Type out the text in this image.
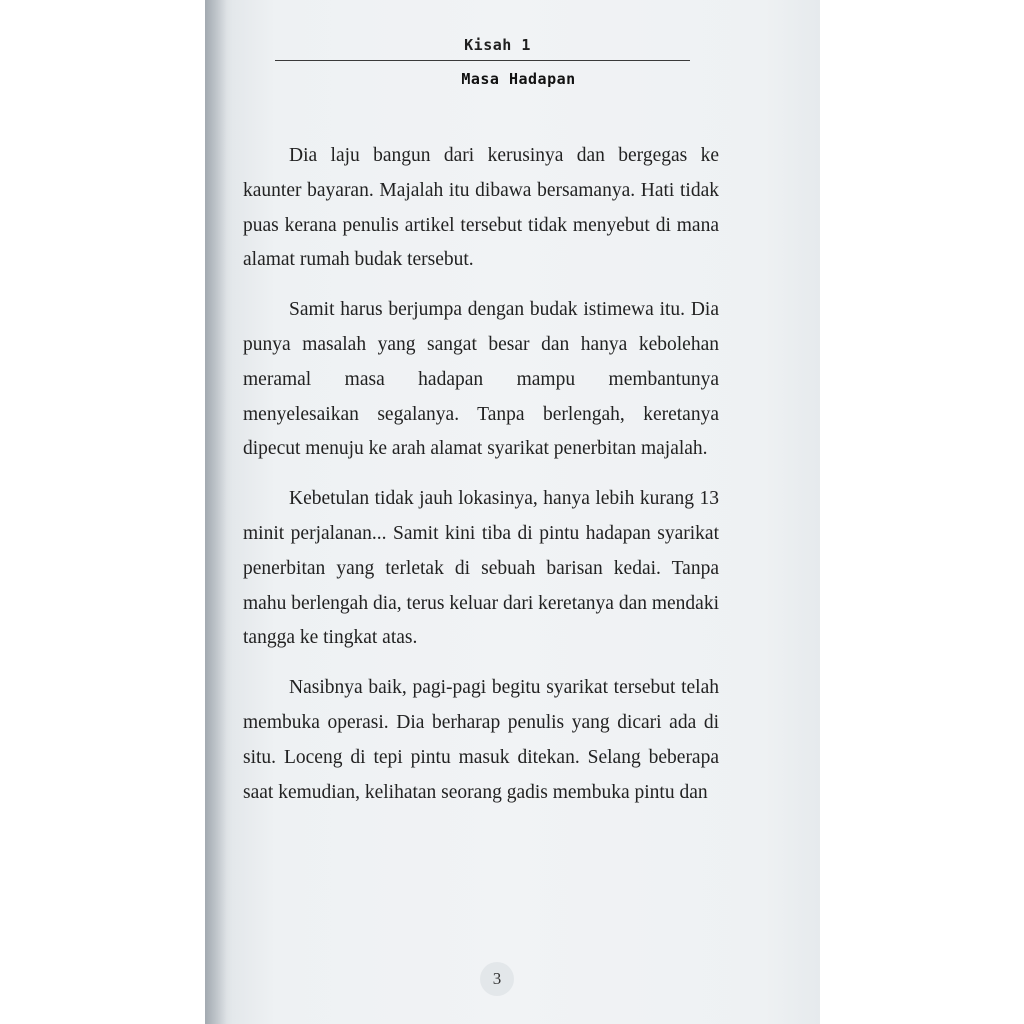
Kisah 1
Masa Hadapan

Dia laju bangun dari kerusinya dan bergegas ke kaunter bayaran. Majalah itu dibawa bersamanya. Hati tidak puas kerana penulis artikel tersebut tidak menyebut di mana alamat rumah budak tersebut.

Samit harus berjumpa dengan budak istimewa itu. Dia punya masalah yang sangat besar dan hanya kebolehan meramal masa hadapan mampu membantunya menyelesaikan segalanya. Tanpa berlengah, keretanya dipecut menuju ke arah alamat syarikat penerbitan majalah.

Kebetulan tidak jauh lokasinya, hanya lebih kurang 13 minit perjalanan... Samit kini tiba di pintu hadapan syarikat penerbitan yang terletak di sebuah barisan kedai. Tanpa mahu berlengah dia, terus keluar dari keretanya dan mendaki tangga ke tingkat atas.

Nasibnya baik, pagi-pagi begitu syarikat tersebut telah membuka operasi. Dia berharap penulis yang dicari ada di situ. Loceng di tepi pintu masuk ditekan. Selang beberapa saat kemudian, kelihatan seorang gadis membuka pintu dan

3
